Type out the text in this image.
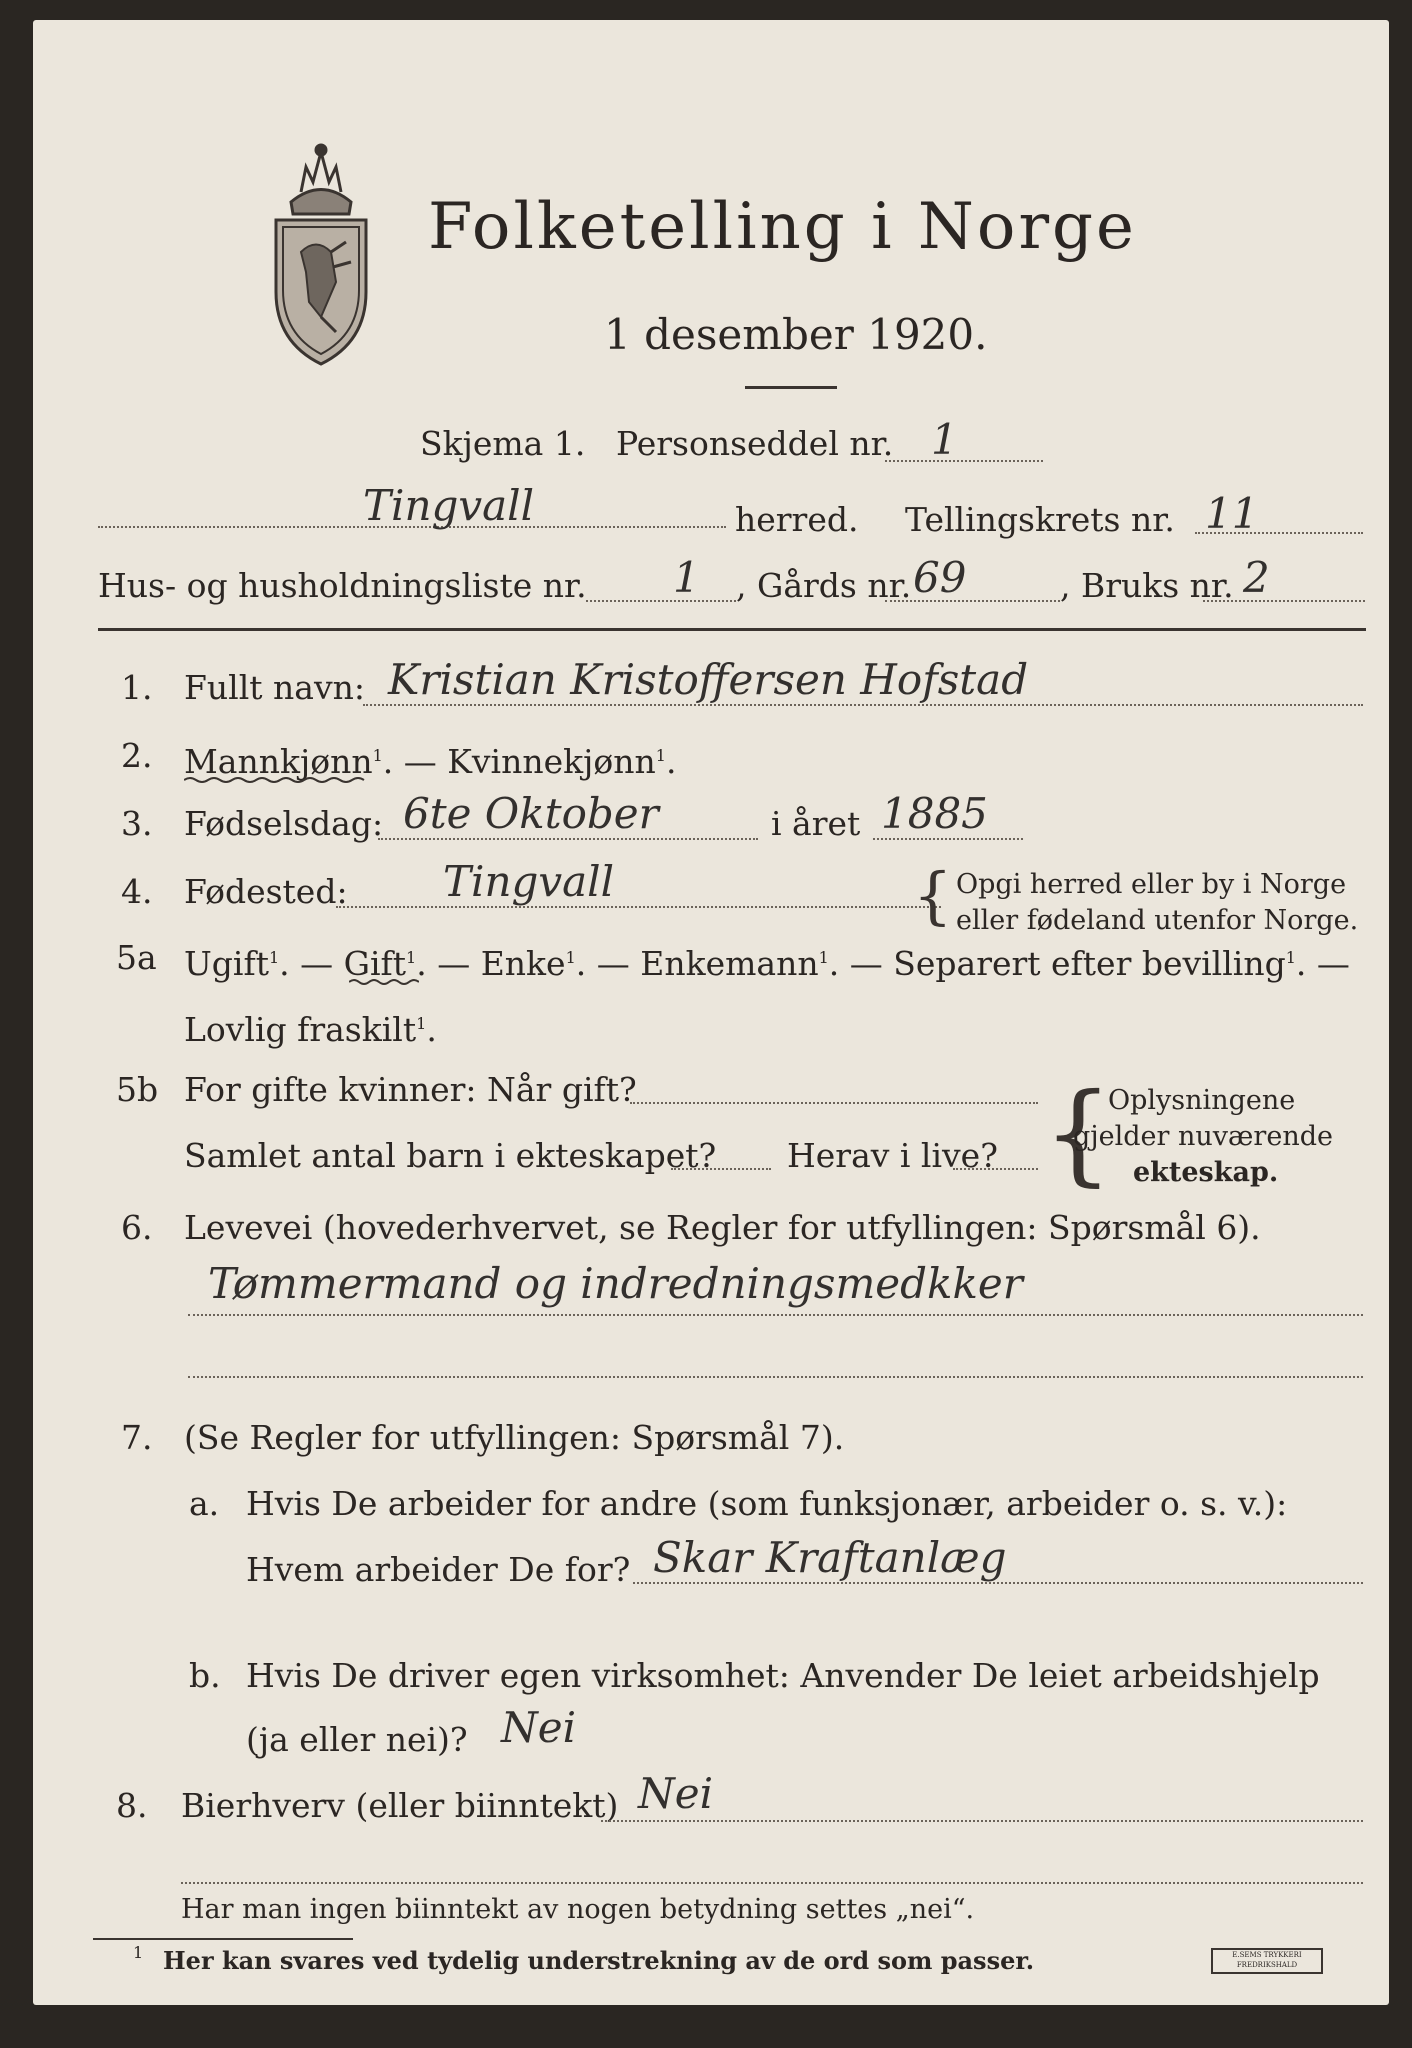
Folketelling i Norge
1 desember 1920.
Skjema 1. Personseddel nr. 1
Tingvall	herred. Tellingskrets nr. 11
Hus- og husholdningsliste nr. 1 , Gårds nr. 69	, Bruks nr. 2
1. Fullt navn: Kristian Kristoffersen Hofstad
2. Mannkjønn$^1$. — Kvinnekjønn$^1$.
3. Fødselsdag: 6te Oktober	i året 1885
4. Fødested: Tingvall	{ Opgi herred eller by i Norge
eller fødeland utenfor Norge.
5a Ugift$^1$. — Gift$^1$. — Enke$^1$. — Enkemann$^1$. — Separert efter bevilling$^1$. —
Lovlig fraskilt$^1$.
5b For gifte kvinner: Når gift?
Samlet antal barn i ekteskapet? Herav i live? {
Oplysningene
gjelder nuværende
ekteskap.
6. Levevei (hovederhvervet, se Regler for utfyllingen: Spørsmål 6).
Tømmermand og indredningsmedkker
7. (Se Regler for utfyllingen: Spørsmål 7).
a. Hvis De arbeider for andre (som funksjonær, arbeider o. s. v.):
Hvem arbeider De for? Skar Kraftanlæg
b. Hvis De driver egen virksomhet: Anvender De leiet arbeidshjelp
(ja eller nei)? Nei
8. Bierhverv (eller biinntekt) Nei
Har man ingen biinntekt av nogen betydning settes „nei“.
1 Her kan svares ved tydelig understrekning av de ord som passer.	E.SEMS TRYKKERI FREDRIKSHALD
